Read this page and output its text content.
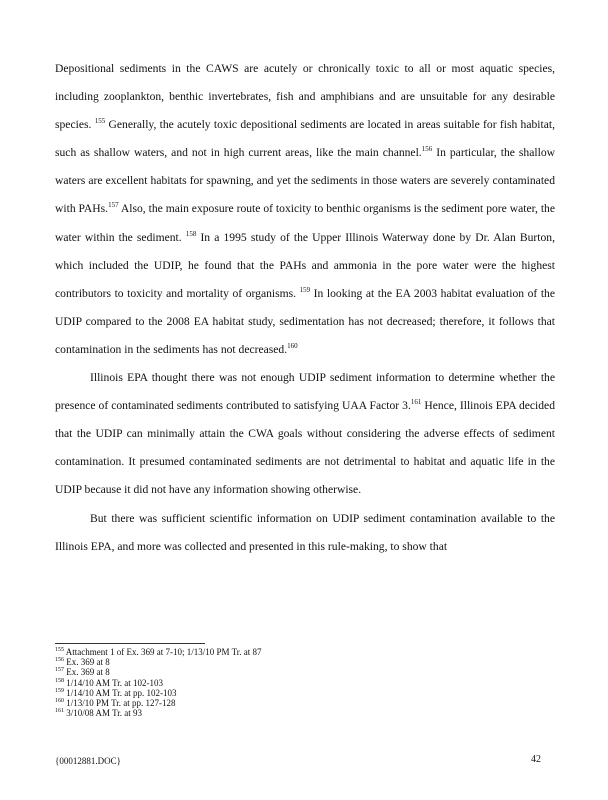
Depositional sediments in the CAWS are acutely or chronically toxic to all or most aquatic species, including zooplankton, benthic invertebrates, fish and amphibians and are unsuitable for any desirable species. $^{155}$ Generally, the acutely toxic depositional sediments are located in areas suitable for fish habitat, such as shallow waters, and not in high current areas, like the main channel.$^{156}$ In particular, the shallow waters are excellent habitats for spawning, and yet the sediments in those waters are severely contaminated with PAHs.$^{157}$ Also, the main exposure route of toxicity to benthic organisms is the sediment pore water, the water within the sediment. $^{158}$ In a 1995 study of the Upper Illinois Waterway done by Dr. Alan Burton, which included the UDIP, he found that the PAHs and ammonia in the pore water were the highest contributors to toxicity and mortality of organisms. $^{159}$ In looking at the EA 2003 habitat evaluation of the UDIP compared to the 2008 EA habitat study, sedimentation has not decreased; therefore, it follows that contamination in the sediments has not decreased.$^{160}$

Illinois EPA thought there was not enough UDIP sediment information to determine whether the presence of contaminated sediments contributed to satisfying UAA Factor 3.$^{161}$ Hence, Illinois EPA decided that the UDIP can minimally attain the CWA goals without considering the adverse effects of sediment contamination. It presumed contaminated sediments are not detrimental to habitat and aquatic life in the UDIP because it did not have any information showing otherwise.

But there was sufficient scientific information on UDIP sediment contamination available to the Illinois EPA, and more was collected and presented in this rule-making, to show that

$^{155}$ Attachment 1 of Ex. 369 at 7-10; 1/13/10 PM Tr. at 87

$^{156}$ Ex. 369 at 8

$^{157}$ Ex. 369 at 8

$^{158}$ 1/14/10 AM Tr. at 102-103

$^{159}$ 1/14/10 AM Tr. at pp. 102-103

$^{160}$ 1/13/10 PM Tr. at pp. 127-128

$^{161}$ 3/10/08 AM Tr. at 93

{00012881.DOC}	42
